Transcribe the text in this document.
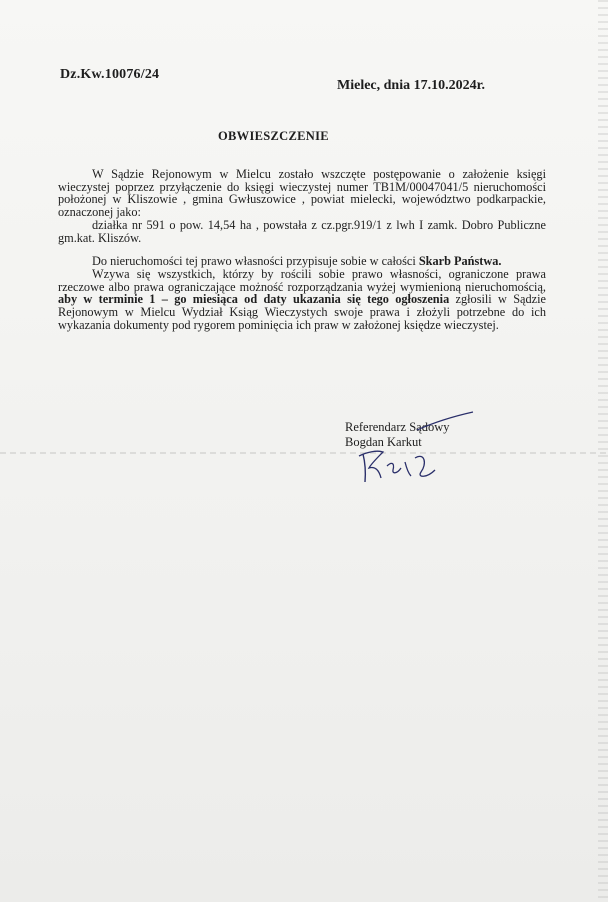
Dz.Kw.10076/24
Mielec, dnia 17.10.2024r.
OBWIESZCZENIE

W Sądzie Rejonowym w Mielcu zostało wszczęte postępowanie o założenie księgi wieczystej poprzez przyłączenie do księgi wieczystej numer TB1M/00047041/5 nieruchomości położonej w Kliszowie , gmina Gwłuszowice , powiat mielecki, województwo podkarpackie, oznaczonej jako:

działka nr 591 o pow. 14,54 ha , powstała z cz.pgr.919/1 z lwh I zamk. Dobro Publiczne gm.kat. Kliszów.

Do nieruchomości tej prawo własności przypisuje sobie w całości Skarb Państwa.

Wzywa się wszystkich, którzy by rościli sobie prawo własności, ograniczone prawa rzeczowe albo prawa ograniczające możność rozporządzania wyżej wymienioną nieruchomością, aby w terminie 1 – go miesiąca od daty ukazania się tego ogłoszenia zgłosili w Sądzie Rejonowym w Mielcu Wydział Ksiąg Wieczystych swoje prawa i złożyli potrzebne do ich wykazania dokumenty pod rygorem pominięcia ich praw w założonej księdze wieczystej.

Referendarz Sądowy
Bogdan Karkut
